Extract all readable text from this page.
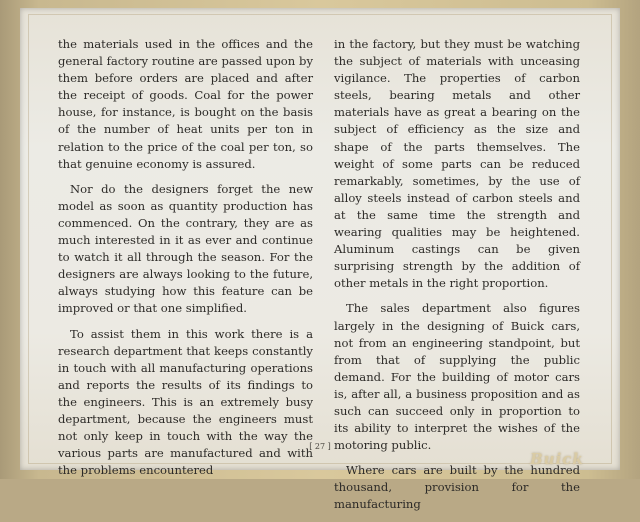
the materials used in the offices and the general factory routine are passed upon by them before orders are placed and after the receipt of goods. Coal for the power house, for instance, is bought on the basis of the number of heat units per ton in relation to the price of the coal per ton, so that genuine economy is assured.

Nor do the designers forget the new model as soon as quantity production has commenced. On the contrary, they are as much interested in it as ever and continue to watch it all through the season. For the designers are always looking to the future, always studying how this feature can be improved or that one simplified.

To assist them in this work there is a research department that keeps constantly in touch with all manufacturing operations and reports the results of its findings to the engineers. This is an extremely busy department, because the engineers must not only keep in touch with the way the various parts are manufactured and with the problems encountered

in the factory, but they must be watching the subject of materials with unceasing vigilance. The properties of carbon steels, bearing metals and other materials have as great a bearing on the subject of efficiency as the size and shape of the parts themselves. The weight of some parts can be reduced remarkably, sometimes, by the use of alloy steels instead of carbon steels and at the same time the strength and wearing qualities may be heightened. Aluminum castings can be given surprising strength by the addition of other metals in the right proportion.

The sales department also figures largely in the designing of Buick cars, not from an engineering standpoint, but from that of supplying the public demand. For the building of motor cars is, after all, a business proposition and as such can succeed only in proportion to its ability to interpret the wishes of the motoring public.

Where cars are built by the hundred thousand, provision for the manufacturing

[ 27 ]
Buick
